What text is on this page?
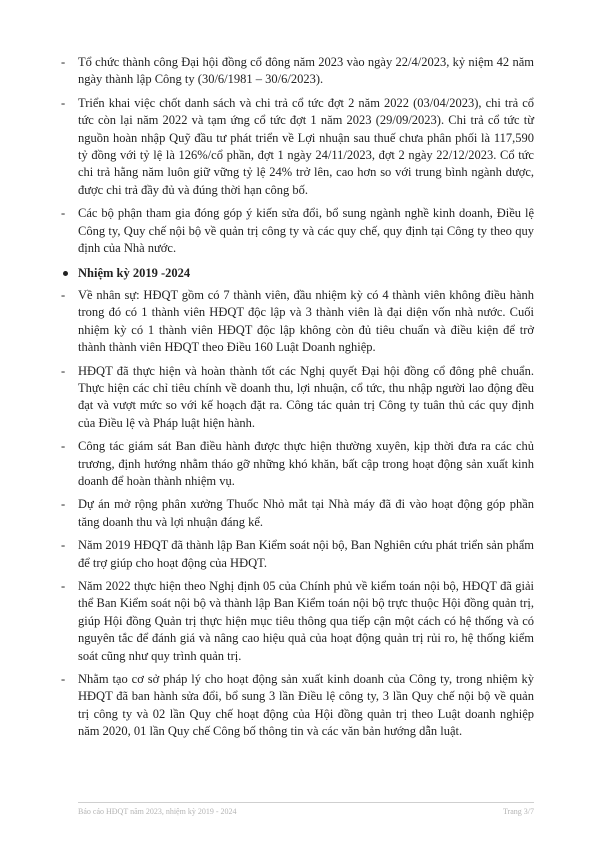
- Tổ chức thành công Đại hội đồng cổ đông năm 2023 vào ngày 22/4/2023, kỷ niệm 42 năm ngày thành lập Công ty (30/6/1981 – 30/6/2023).

- Triển khai việc chốt danh sách và chi trả cổ tức đợt 2 năm 2022 (03/04/2023), chi trả cổ tức còn lại năm 2022 và tạm ứng cổ tức đợt 1 năm 2023 (29/09/2023). Chi trả cổ tức từ nguồn hoàn nhập Quỹ đầu tư phát triển về Lợi nhuận sau thuế chưa phân phối là 117,590 tỷ đồng với tỷ lệ là 126%/cổ phần, đợt 1 ngày 24/11/2023, đợt 2 ngày 22/12/2023. Cổ tức chi trả hằng năm luôn giữ vững tỷ lệ 24% trở lên, cao hơn so với trung bình ngành dược, được chi trả đầy đủ và đúng thời hạn công bố.

- Các bộ phận tham gia đóng góp ý kiến sửa đổi, bổ sung ngành nghề kinh doanh, Điều lệ Công ty, Quy chế nội bộ về quản trị công ty và các quy chế, quy định tại Công ty theo quy định của Nhà nước.

Nhiệm kỳ 2019 -2024

- Về nhân sự: HĐQT gồm có 7 thành viên, đầu nhiệm kỳ có 4 thành viên không điều hành trong đó có 1 thành viên HĐQT độc lập và 3 thành viên là đại diện vốn nhà nước. Cuối nhiệm kỳ có 1 thành viên HĐQT độc lập không còn đủ tiêu chuẩn và điều kiện để trở thành thành viên HĐQT theo Điều 160 Luật Doanh nghiệp.

- HĐQT đã thực hiện và hoàn thành tốt các Nghị quyết Đại hội đồng cổ đông phê chuẩn. Thực hiện các chỉ tiêu chính về doanh thu, lợi nhuận, cổ tức, thu nhập người lao động đều đạt và vượt mức so với kế hoạch đặt ra. Công tác quản trị Công ty tuân thủ các quy định của Điều lệ và Pháp luật hiện hành.

- Công tác giám sát Ban điều hành được thực hiện thường xuyên, kịp thời đưa ra các chủ trương, định hướng nhằm tháo gỡ những khó khăn, bất cập trong hoạt động sản xuất kinh doanh để hoàn thành nhiệm vụ.

- Dự án mở rộng phân xưởng Thuốc Nhỏ mắt tại Nhà máy đã đi vào hoạt động góp phần tăng doanh thu và lợi nhuận đáng kể.

- Năm 2019 HĐQT đã thành lập Ban Kiểm soát nội bộ, Ban Nghiên cứu phát triển sản phẩm để trợ giúp cho hoạt động của HĐQT.

- Năm 2022 thực hiện theo Nghị định 05 của Chính phủ về kiểm toán nội bộ, HĐQT đã giải thể Ban Kiểm soát nội bộ và thành lập Ban Kiểm toán nội bộ trực thuộc Hội đồng quản trị, giúp Hội đồng Quản trị thực hiện mục tiêu thông qua tiếp cận một cách có hệ thống và có nguyên tắc để đánh giá và nâng cao hiệu quả của hoạt động quản trị rủi ro, hệ thống kiểm soát cũng như quy trình quản trị.

- Nhằm tạo cơ sở pháp lý cho hoạt động sản xuất kinh doanh của Công ty, trong nhiệm kỳ HĐQT đã ban hành sửa đổi, bổ sung 3 lần Điều lệ công ty, 3 lần Quy chế nội bộ về quản trị công ty và 02 lần Quy chế hoạt động của Hội đồng quản trị theo Luật doanh nghiệp năm 2020, 01 lần Quy chế Công bố thông tin và các văn bản hướng dẫn luật.

Báo cáo HĐQT năm 2023, nhiệm kỳ 2019 - 2024	Trang 3/7
